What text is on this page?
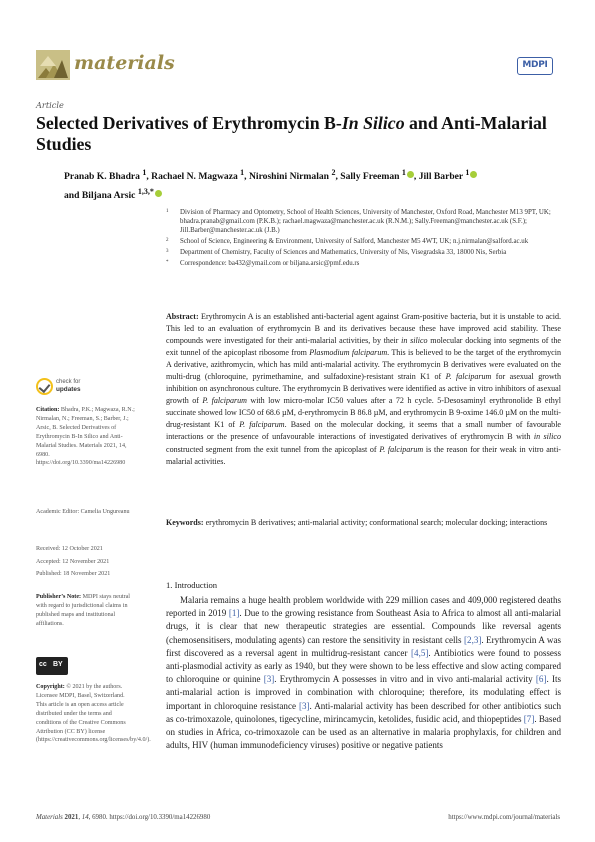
materials	MDPI
Article
Selected Derivatives of Erythromycin B-In Silico and Anti-Malarial Studies
Pranab K. Bhadra $^1$, Rachael N. Magwaza $^1$, Niroshini Nirmalan $^2$, Sally Freeman $^1$ , Jill Barber $^1$
and Biljana Arsic $^{1,3,*}$
1 Division of Pharmacy and Optometry, School of Health Sciences, University of Manchester, Oxford Road, Manchester M13 9PT, UK; bhadra.pranab@gmail.com (P.K.B.); rachael.magwaza@manchester.ac.uk (R.N.M.); Sally.Freeman@manchester.ac.uk (S.F.); Jill.Barber@manchester.ac.uk (J.B.)
2 School of Science, Engineering & Environment, University of Salford, Manchester M5 4WT, UK; n.j.nirmalan@salford.ac.uk
3 Department of Chemistry, Faculty of Sciences and Mathematics, University of Nis, Visegradska 33, 18000 Nis, Serbia
* Correspondence: ba432@ymail.com or biljana.arsic@pmf.edu.rs
check for
updates
Citation: Bhadra, P.K.; Magwaza, R.N.; Nirmalan, N.; Freeman, S.; Barber, J.; Arsic, B. Selected Derivatives of Erythromycin B-In Silico and Anti-Malarial Studies. Materials 2021, 14, 6980. https://doi.org/10.3390/ma14226980
Academic Editor: Camelia Ungureanu
Received: 12 October 2021
Accepted: 12 November 2021
Published: 18 November 2021
Publisher’s Note: MDPI stays neutral with regard to jurisdictional claims in published maps and institutional affiliations.
cc BY
Copyright: © 2021 by the authors. Licensee MDPI, Basel, Switzerland. This article is an open access article distributed under the terms and conditions of the Creative Commons Attribution (CC BY) license (https://creativecommons.org/licenses/by/4.0/).
Abstract: Erythromycin A is an established anti-bacterial agent against Gram-positive bacteria, but it is unstable to acid. This led to an evaluation of erythromycin B and its derivatives because these have improved acid stability. These compounds were investigated for their anti-malarial activities, by their in silico molecular docking into segments of the exit tunnel of the apicoplast ribosome from Plasmodium falciparum. This is believed to be the target of the erythromycin A derivative, azithromycin, which has mild anti-malarial activity. The erythromycin B derivatives were evaluated on the multi-drug (chloroquine, pyrimethamine, and sulfadoxine)-resistant strain K1 of P. falciparum for asexual growth inhibition on asynchronous culture. The erythromycin B derivatives were identified as active in vitro inhibitors of asexual growth of P. falciparum with low micro-molar IC50 values after a 72 h cycle. 5-Desosaminyl erythronolide B ethyl succinate showed low IC50 of 68.6 µM, d-erythromycin B 86.8 µM, and erythromycin B 9-oxime 146.0 µM on the multi-drug-resistant K1 of P. falciparum. Based on the molecular docking, it seems that a small number of favourable interactions or the presence of unfavourable interactions of investigated derivatives of erythromycin B with in silico constructed segment from the exit tunnel from the apicoplast of P. falciparum is the reason for their weak in vitro anti-malarial activities.
Keywords: erythromycin B derivatives; anti-malarial activity; conformational search; molecular docking; interactions
1. Introduction
Malaria remains a huge health problem worldwide with 229 million cases and 409,000 registered deaths reported in 2019 [1]. Due to the growing resistance from Southeast Asia to Africa to almost all anti-malarial drugs, it is clear that new therapeutic strategies are essential. Compounds like reversal agents (chemosensitisers, modulating agents) can restore the sensitivity in resistant cells [2,3]. Erythromycin A was first discovered as a reversal agent in multidrug-resistant cancer [4,5]. Antibiotics were found to possess anti-plasmodial activity as early as 1940, but they were shown to be less effective and slow acting compared to chloroquine or quinine [3]. Erythromycin A possesses in vitro and in vivo anti-malarial activity [6]. Its anti-malarial action is improved in combination with chloroquine; therefore, its modulating effect is important in chloroquine resistance [3]. Anti-malarial activity has been described for other antibiotics such as co-trimoxazole, quinolones, tigecycline, mirincamycin, ketolides, fusidic acid, and thiopeptides [7]. Based on studies in Africa, co-trimoxazole can be used as an alternative in malaria prophylaxis, for children and adults, HIV (human immunodeficiency viruses) positive or negative patients
Materials 2021, 14, 6980. https://doi.org/10.3390/ma14226980	https://www.mdpi.com/journal/materials
